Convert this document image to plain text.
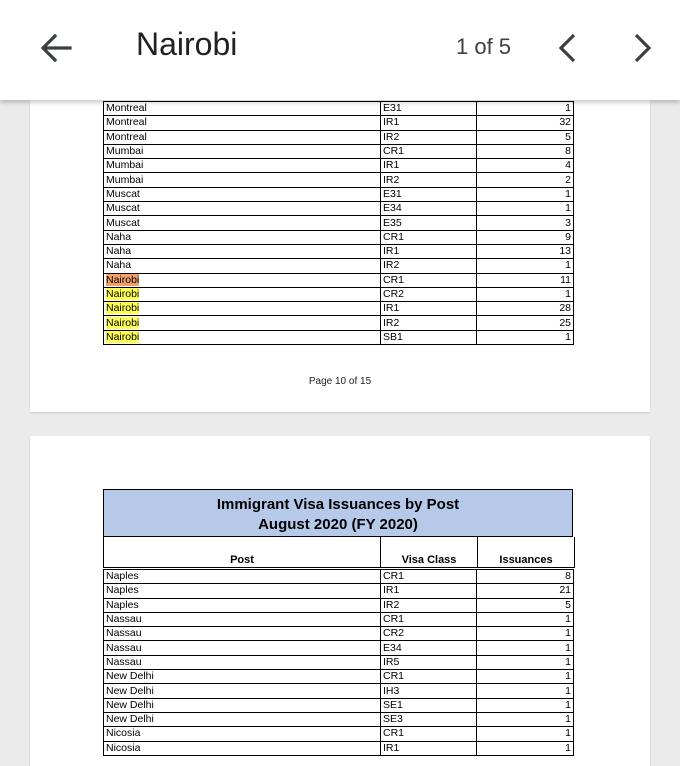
Nairobi	1 of 5
Montreal	E31	1
Montreal	IR1	32
Montreal	IR2	5
Mumbai	CR1	8
Mumbai	IR1	4
Mumbai	IR2	2
Muscat	E31	1
Muscat	E34	1
Muscat	E35	3
Naha	CR1	9
Naha	IR1	13
Naha	IR2	1
Nairobi	CR1	11
Nairobi	CR2	1
Nairobi	IR1	28
Nairobi	IR2	25
Nairobi	SB1	1
Page 10 of 15
Immigrant Visa Issuances by Post
August 2020 (FY 2020)
Post	Visa Class	Issuances
Naples	CR1	8
Naples	IR1	21
Naples	IR2	5
Nassau	CR1	1
Nassau	CR2	1
Nassau	E34	1
Nassau	IR5	1
New Delhi	CR1	1
New Delhi	IH3	1
New Delhi	SE1	1
New Delhi	SE3	1
Nicosia	CR1	1
Nicosia	IR1	1
